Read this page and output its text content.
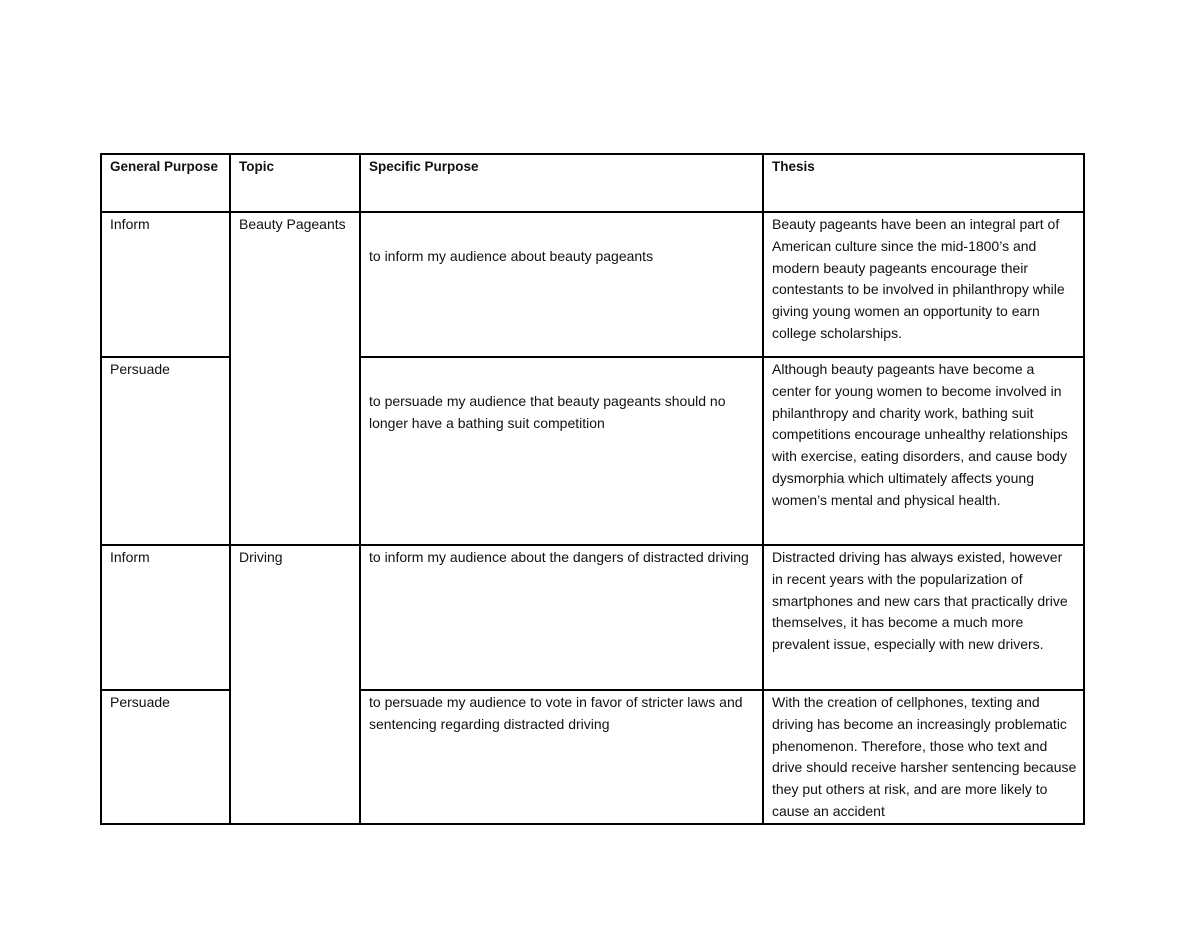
General Purpose	Topic	Specific Purpose	Thesis

Inform	Beauty Pageants	to inform my audience about beauty pageants	Beauty pageants have been an integral part of American culture since the mid-1800’s and modern beauty pageants encourage their contestants to be involved in philanthropy while giving young women an opportunity to earn college scholarships.

Persuade		to persuade my audience that beauty pageants should no longer have a bathing suit competition	Although beauty pageants have become a center for young women to become involved in philanthropy and charity work, bathing suit competitions encourage unhealthy relationships with exercise, eating disorders, and cause body dysmorphia which ultimately affects young women’s mental and physical health.

Inform	Driving	to inform my audience about the dangers of distracted driving	Distracted driving has always existed, however in recent years with the popularization of smartphones and new cars that practically drive themselves, it has become a much more prevalent issue, especially with new drivers.

Persuade		to persuade my audience to vote in favor of stricter laws and sentencing regarding distracted driving	With the creation of cellphones, texting and driving has become an increasingly problematic phenomenon. Therefore, those who text and drive should receive harsher sentencing because they put others at risk, and are more likely to cause an accident
